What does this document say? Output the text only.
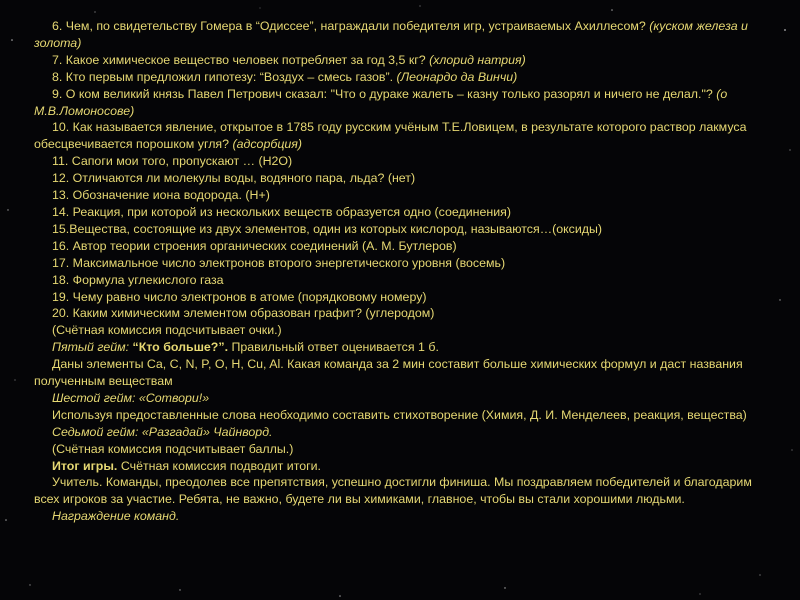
6. Чем, по свидетельству Гомера в “Одиссее”, награждали победителя игр, устраиваемых Ахиллесом? (куском железа и золота)

7. Какое химическое вещество человек потребляет за год 3,5 кг? (хлорид натрия)

8. Кто первым предложил гипотезу: “Воздух – смесь газов”. (Леонардо да Винчи)

9. О ком великий князь Павел Петрович сказал: "Что о дураке жалеть – казну только разорял и ничего не делал."? (о М.В.Ломоносове)

10. Как называется явление, открытое в 1785 году русским учёным Т.Е.Ловицем, в результате которого раствор лакмуса обесцвечивается порошком угля? (адсорбция)

11. Сапоги мои того, пропускают … (H2O)

12. Отличаются ли молекулы воды, водяного пара, льда? (нет)

13. Обозначение иона водорода. (H+)

14. Реакция, при которой из нескольких веществ образуется одно (соединения)

15.Вещества, состоящие из двух элементов, один из которых кислород, называются…(оксиды)

16. Автор теории строения органических соединений (А. М. Бутлеров)

17. Максимальное число электронов второго энергетического уровня (восемь)

18. Формула углекислого газа

19. Чему равно число электронов в атоме (порядковому номеру)

20. Каким химическим элементом образован графит? (углеродом)

(Счётная комиссия подсчитывает очки.)

Пятый гейм: “Кто больше?”. Правильный ответ оценивается 1 б.

Даны элементы Ca, C, N, P, O, H, Cu, Al. Какая команда за 2 мин составит больше химических формул и даст названия полученным веществам

Шестой гейм: «Сотвори!»

Используя предоставленные слова необходимо составить стихотворение (Химия, Д. И. Менделеев, реакция, вещества)

Седьмой гейм: «Разгадай» Чайнворд.

(Счётная комиссия подсчитывает баллы.)

Итог игры. Счётная комиссия подводит итоги.

Учитель. Команды, преодолев все препятствия, успешно достигли финиша. Мы поздравляем победителей и благодарим всех игроков за участие. Ребята, не важно, будете ли вы химиками, главное, чтобы вы стали хорошими людьми.

Награждение команд.
